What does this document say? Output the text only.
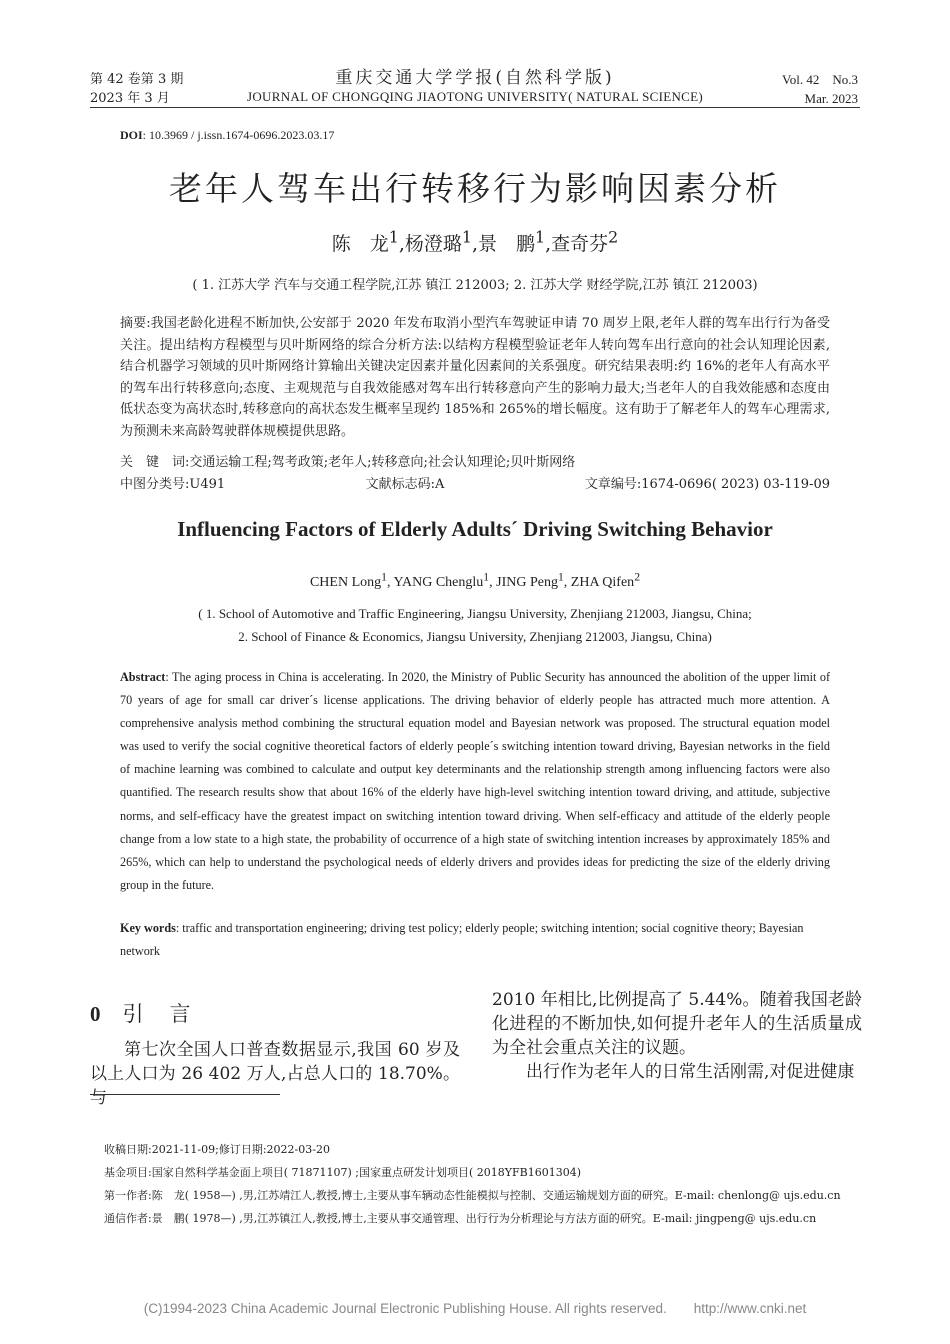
第 42 卷第 3 期
2023 年 3 月
重庆交通大学学报(自然科学版)
JOURNAL OF CHONGQING JIAOTONG UNIVERSITY( NATURAL SCIENCE)
Vol. 42　No.3
Mar. 2023
DOI: 10.3969 / j.issn.1674-0696.2023.03.17
老年人驾车出行转移行为影响因素分析
陈　龙$^1$,杨澄璐$^1$,景　鹏$^1$,查奇芬$^2$
( 1. 江苏大学 汽车与交通工程学院,江苏 镇江 212003; 2. 江苏大学 财经学院,江苏 镇江 212003)
摘要:我国老龄化进程不断加快,公安部于 2020 年发布取消小型汽车驾驶证申请 70 周岁上限,老年人群的驾车出行行为备受关注。提出结构方程模型与贝叶斯网络的综合分析方法:以结构方程模型验证老年人转向驾车出行意向的社会认知理论因素,结合机器学习领域的贝叶斯网络计算输出关键决定因素并量化因素间的关系强度。研究结果表明:约 16%的老年人有高水平的驾车出行转移意向;态度、主观规范与自我效能感对驾车出行转移意向产生的影响力最大;当老年人的自我效能感和态度由低状态变为高状态时,转移意向的高状态发生概率呈现约 185%和 265%的增长幅度。这有助于了解老年人的驾车心理需求,为预测未来高龄驾驶群体规模提供思路。
关　键　词:交通运输工程;驾考政策;老年人;转移意向;社会认知理论;贝叶斯网络
中图分类号:U491	文献标志码:A	文章编号:1674-0696( 2023) 03-119-09
Influencing Factors of Elderly Adults´ Driving Switching Behavior
CHEN Long$^1$, YANG Chenglu$^1$, JING Peng$^1$, ZHA Qifen$^2$
( 1. School of Automotive and Traffic Engineering, Jiangsu University, Zhenjiang 212003, Jiangsu, China;
2. School of Finance & Economics, Jiangsu University, Zhenjiang 212003, Jiangsu, China)
Abstract: The aging process in China is accelerating. In 2020, the Ministry of Public Security has announced the abolition of the upper limit of 70 years of age for small car driver´s license applications. The driving behavior of elderly people has attracted much more attention. A comprehensive analysis method combining the structural equation model and Bayesian network was proposed. The structural equation model was used to verify the social cognitive theoretical factors of elderly people´s switching intention toward driving, Bayesian networks in the field of machine learning was combined to calculate and output key determinants and the relationship strength among influencing factors were also quantified. The research results show that about 16% of the elderly have high-level switching intention toward driving, and attitude, subjective norms, and self-efficacy have the greatest impact on switching intention toward driving. When self-efficacy and attitude of the elderly people change from a low state to a high state, the probability of occurrence of a high state of switching intention increases by approximately 185% and 265%, which can help to understand the psychological needs of elderly drivers and provides ideas for predicting the size of the elderly driving group in the future.
Key words: traffic and transportation engineering; driving test policy; elderly people; switching intention; social cognitive theory; Bayesian network
0 引言
第七次全国人口普查数据显示,我国 60 岁及以上人口为 26 402 万人,占总人口的 18.70%。与
2010 年相比,比例提高了 5.44%。随着我国老龄化进程的不断加快,如何提升老年人的生活质量成为全社会重点关注的议题。
出行作为老年人的日常生活刚需,对促进健康
收稿日期:2021-11-09;修订日期:2022-03-20
基金项目:国家自然科学基金面上项目( 71871107) ;国家重点研发计划项目( 2018YFB1601304)
第一作者:陈　龙( 1958—) ,男,江苏靖江人,教授,博士,主要从事车辆动态性能模拟与控制、交通运输规划方面的研究。E-mail: chenlong@ ujs.edu.cn
通信作者:景　鹏( 1978—) ,男,江苏镇江人,教授,博士,主要从事交通管理、出行行为分析理论与方法方面的研究。E-mail: jingpeng@ ujs.edu.cn
(C)1994-2023 China Academic Journal Electronic Publishing House. All rights reserved.　　http://www.cnki.net
